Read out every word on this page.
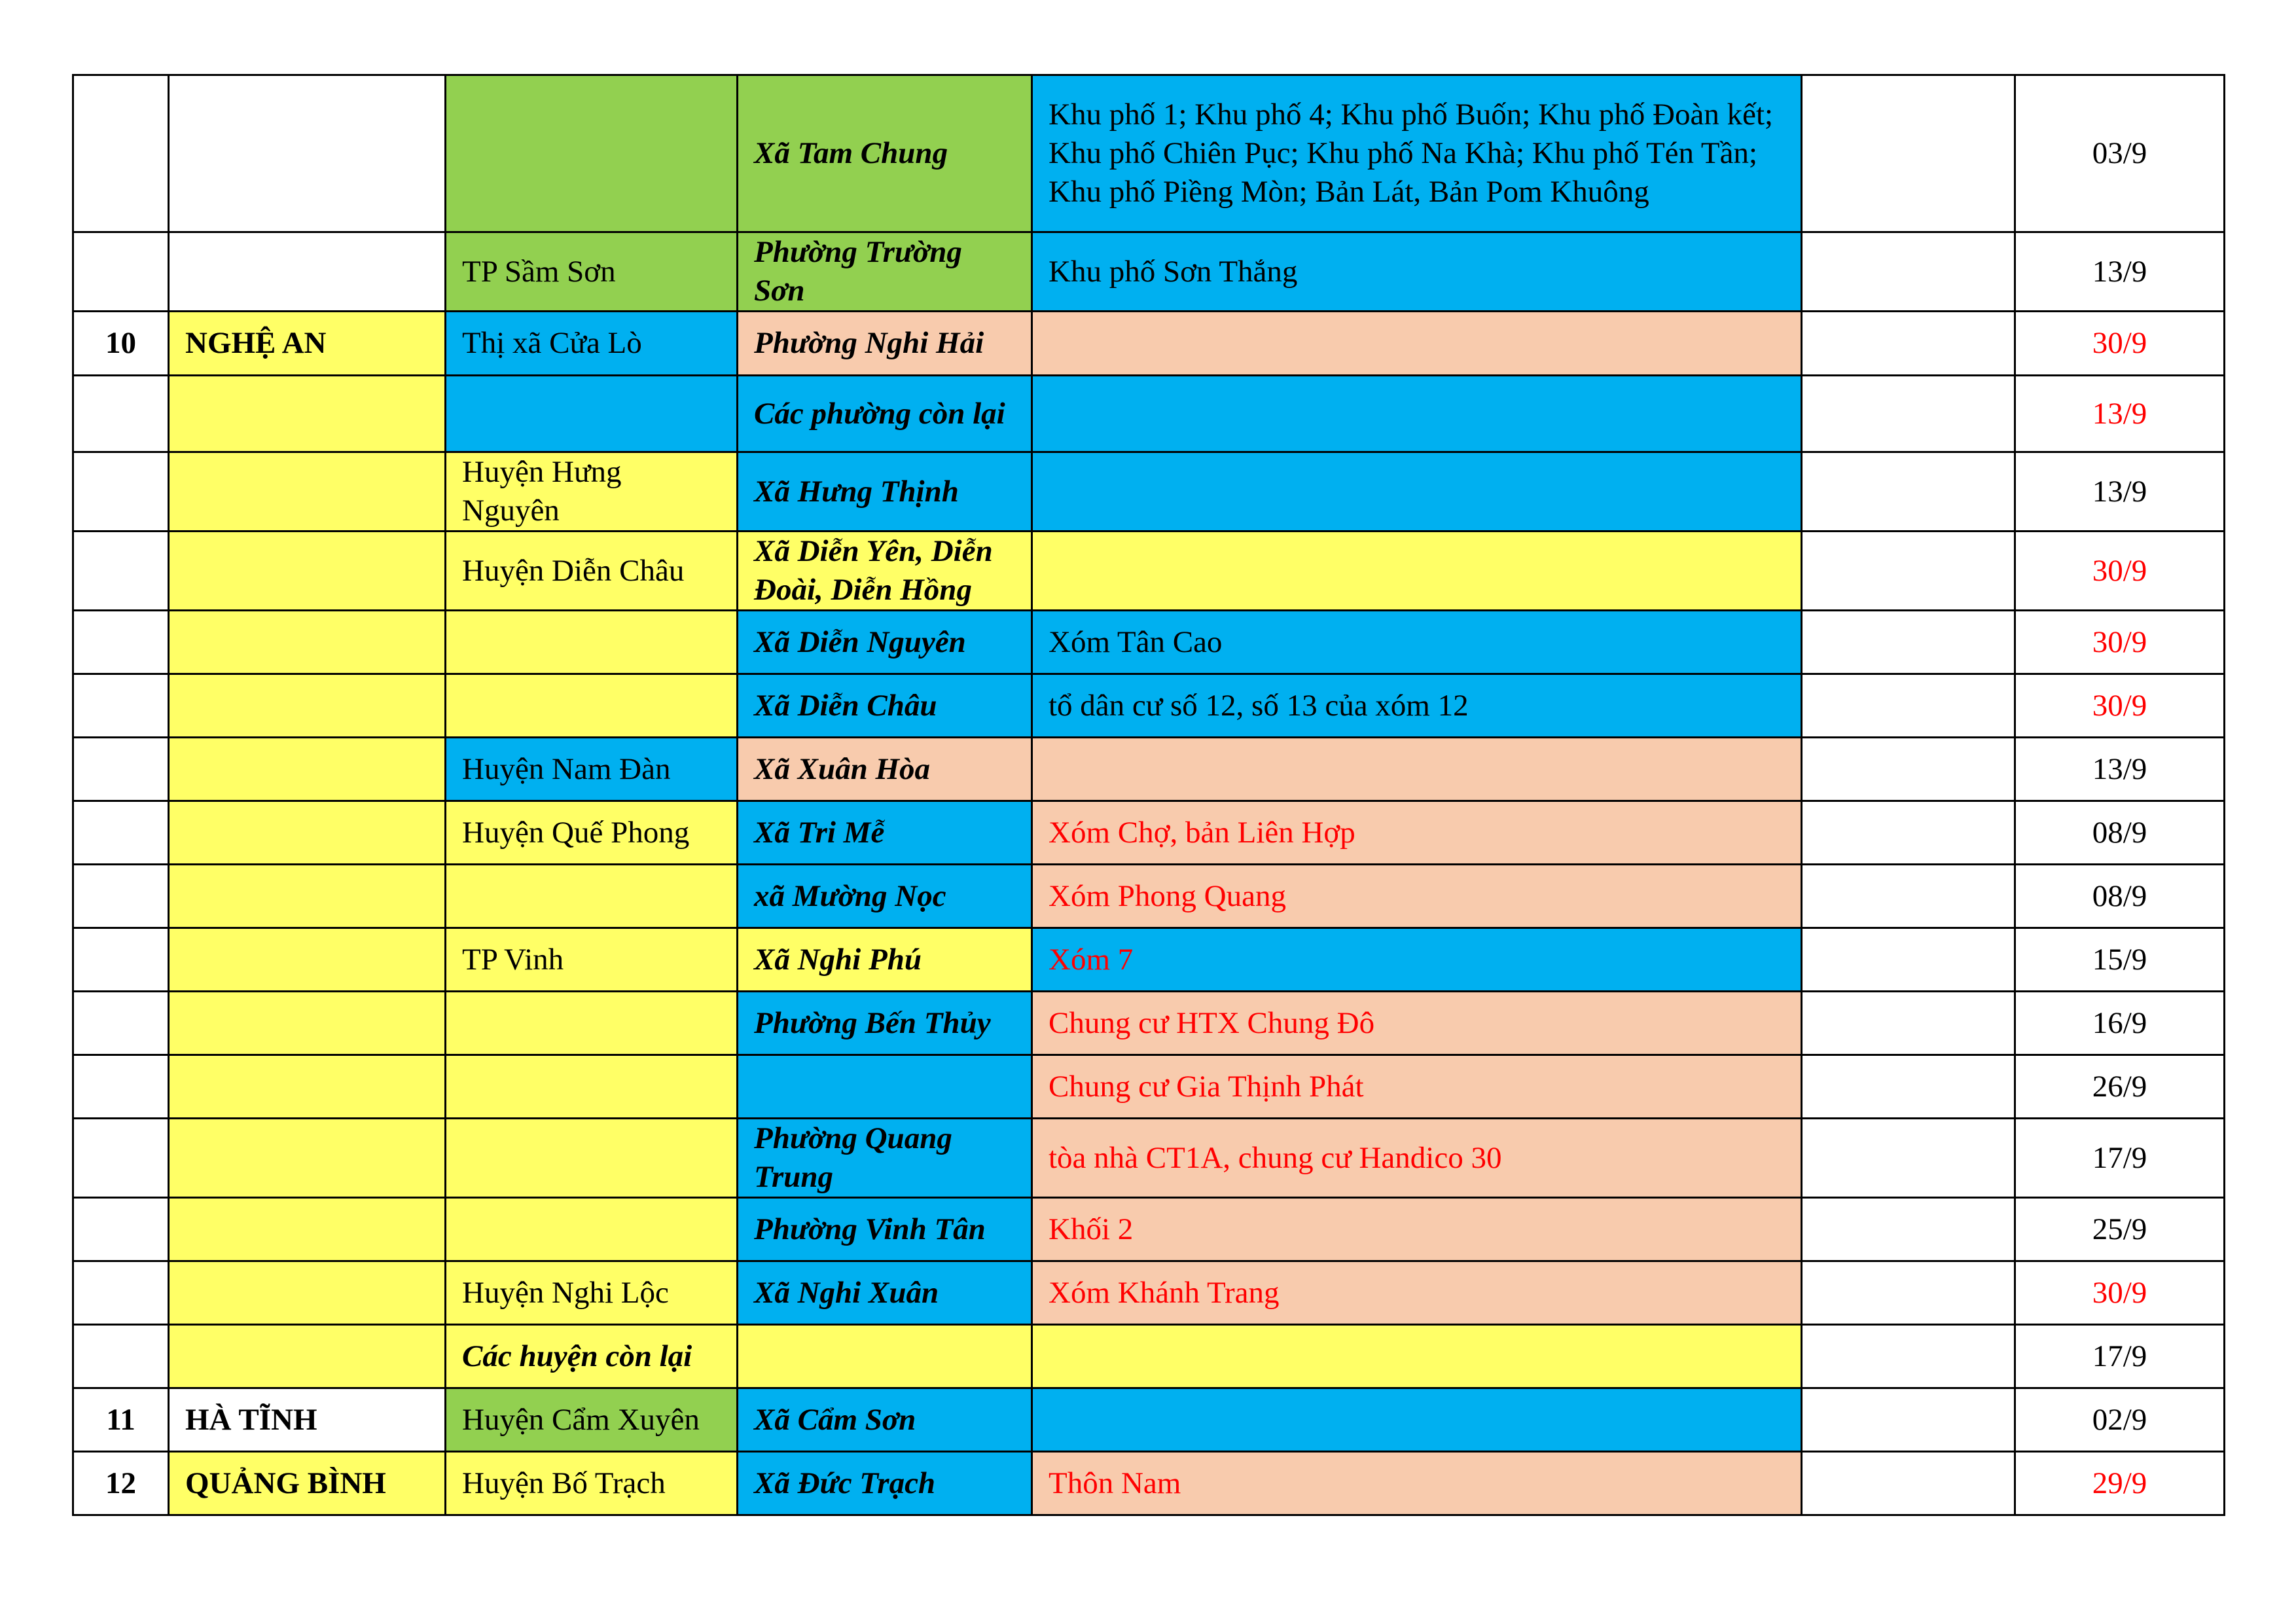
			Xã Tam Chung	Khu phố 1; Khu phố 4; Khu phố Buốn; Khu phố Đoàn kết; Khu phố Chiên Pục; Khu phố Na Khà; Khu phố Tén Tần; Khu phố Piềng Mòn; Bản Lát, Bản Pom Khuông		03/9
		TP Sầm Sơn	Phường Trường Sơn	Khu phố Sơn Thắng		13/9
10	NGHỆ AN	Thị xã Cửa Lò	Phường Nghi Hải			30/9
			Các phường còn lại			13/9
		Huyện Hưng Nguyên	Xã Hưng Thịnh			13/9
		Huyện Diễn Châu	Xã Diễn Yên, Diễn Đoài, Diễn Hồng			30/9
			Xã Diễn Nguyên	Xóm Tân Cao		30/9
			Xã Diễn Châu	tổ dân cư số 12, số 13 của xóm 12		30/9
		Huyện Nam Đàn	Xã Xuân Hòa			13/9
		Huyện Quế Phong	Xã Tri Mễ	Xóm Chợ, bản Liên Hợp		08/9
			xã Mường Nọc	Xóm Phong Quang		08/9
		TP Vinh	Xã Nghi Phú	Xóm 7		15/9
			Phường Bến Thủy	Chung cư HTX Chung Đô		16/9
				Chung cư Gia Thịnh Phát		26/9
			Phường Quang Trung	tòa nhà CT1A, chung cư Handico 30		17/9
			Phường Vinh Tân	Khối 2		25/9
		Huyện Nghi Lộc	Xã Nghi Xuân	Xóm Khánh Trang		30/9
		Các huyện còn lại				17/9
11	HÀ TĨNH	Huyện Cẩm Xuyên	Xã Cẩm Sơn			02/9
12	QUẢNG BÌNH	Huyện Bố Trạch	Xã Đức Trạch	Thôn Nam		29/9
